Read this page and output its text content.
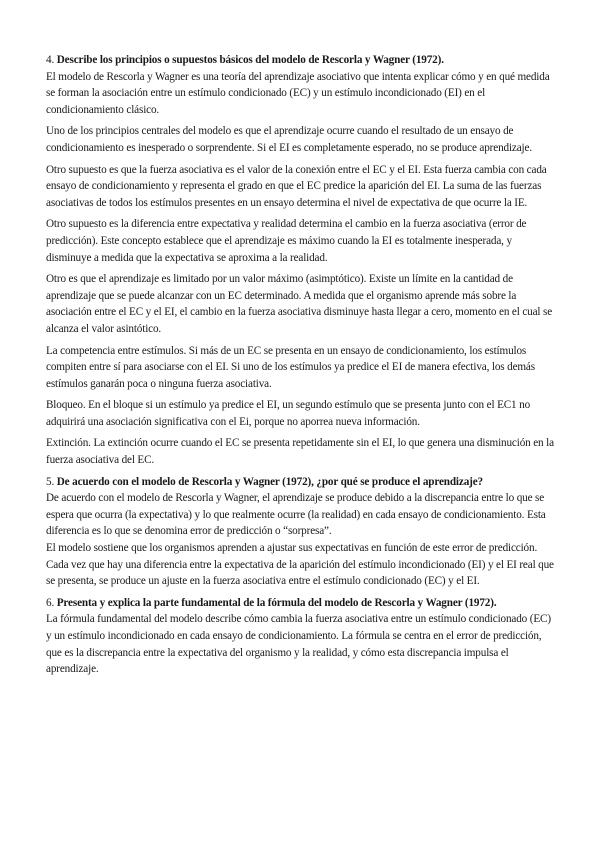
4. Describe los principios o supuestos básicos del modelo de Rescorla y Wagner (1972).

El modelo de Rescorla y Wagner es una teoría del aprendizaje asociativo que intenta explicar cómo y en qué medida se forman la asociación entre un estímulo condicionado (EC) y un estímulo incondicionado (EI) en el condicionamiento clásico.

Uno de los principios centrales del modelo es que el aprendizaje ocurre cuando el resultado de un ensayo de condicionamiento es inesperado o sorprendente. Si el EI es completamente esperado, no se produce aprendizaje.

Otro supuesto es que la fuerza asociativa es el valor de la conexión entre el EC y el EI. Esta fuerza cambia con cada ensayo de condicionamiento y representa el grado en que el EC predice la aparición del EI. La suma de las fuerzas asociativas de todos los estímulos presentes en un ensayo determina el nivel de expectativa de que ocurre la IE.

Otro supuesto es la diferencia entre expectativa y realidad determina el cambio en la fuerza asociativa (error de predicción). Este concepto establece que el aprendizaje es máximo cuando la EI es totalmente inesperada, y disminuye a medida que la expectativa se aproxima a la realidad.

Otro es que el aprendizaje es limitado por un valor máximo (asimptótico). Existe un límite en la cantidad de aprendizaje que se puede alcanzar con un EC determinado. A medida que el organismo aprende más sobre la asociación entre el EC y el EI, el cambio en la fuerza asociativa disminuye hasta llegar a cero, momento en el cual se alcanza el valor asintótico.

La competencia entre estímulos. Si más de un EC se presenta en un ensayo de condicionamiento, los estímulos compiten entre sí para asociarse con el EI. Si uno de los estímulos ya predice el EI de manera efectiva, los demás estímulos ganarán poca o ninguna fuerza asociativa.

Bloqueo. En el bloque si un estímulo ya predice el EI, un segundo estímulo que se presenta junto con el EC1 no adquirirá una asociación significativa con el Ei, porque no aporrea nueva información.

Extinción. La extinción ocurre cuando el EC se presenta repetidamente sin el EI, lo que genera una disminución en la fuerza asociativa del EC.

5. De acuerdo con el modelo de Rescorla y Wagner (1972), ¿por qué se produce el aprendizaje?

De acuerdo con el modelo de Rescorla y Wagner, el aprendizaje se produce debido a la discrepancia entre lo que se espera que ocurra (la expectativa) y lo que realmente ocurre (la realidad) en cada ensayo de condicionamiento. Esta diferencia es lo que se denomina error de predicción o “sorpresa”.

El modelo sostiene que los organismos aprenden a ajustar sus expectativas en función de este error de predicción. Cada vez que hay una diferencia entre la expectativa de la aparición del estímulo incondicionado (EI) y el EI real que se presenta, se produce un ajuste en la fuerza asociativa entre el estímulo condicionado (EC) y el EI.

6. Presenta y explica la parte fundamental de la fórmula del modelo de Rescorla y Wagner (1972).

La fórmula fundamental del modelo describe cómo cambia la fuerza asociativa entre un estímulo condicionado (EC) y un estímulo incondicionado en cada ensayo de condicionamiento. La fórmula se centra en el error de predicción, que es la discrepancia entre la expectativa del organismo y la realidad, y cómo esta discrepancia impulsa el aprendizaje.
